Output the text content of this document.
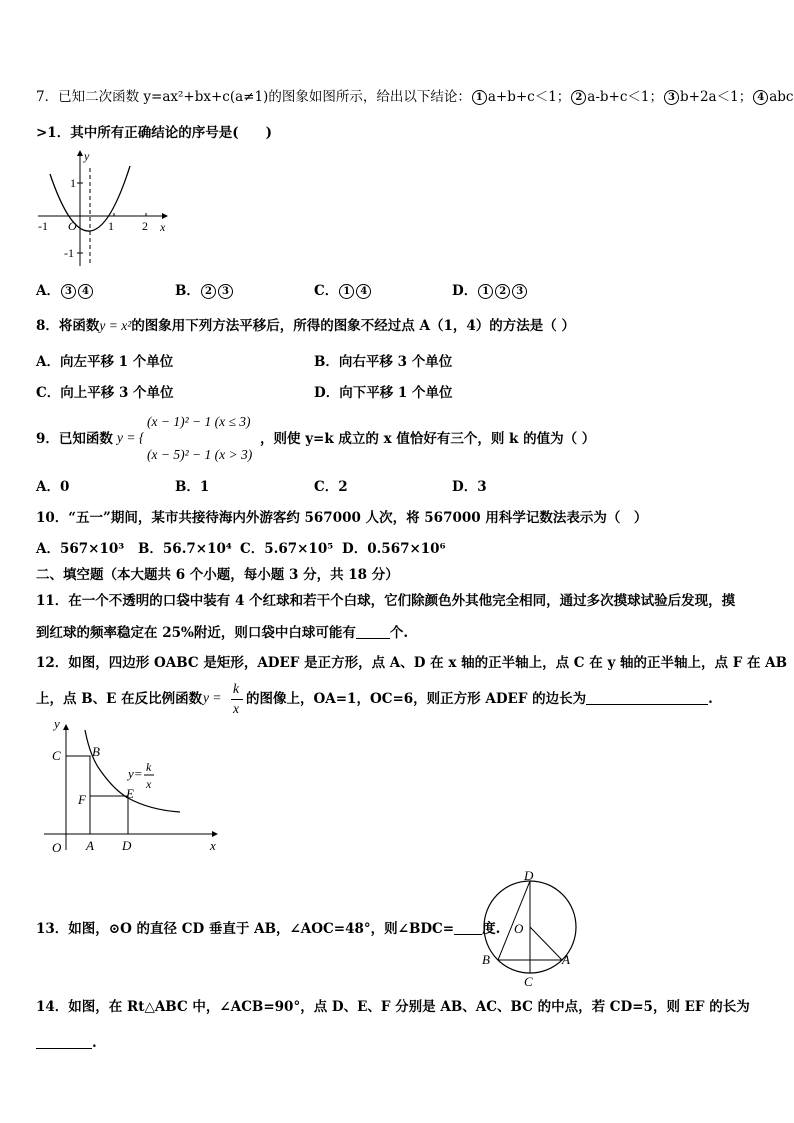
7．已知二次函数 y=ax²+bx+c(a≠1)的图象如图所示，给出以下结论： 1 a+b+c＜1； 2 a-b+c＜1； 3 b+2a＜1； 4 abc
>1．其中所有正确结论的序号是(　　)
y
x
1
-1
O	1 2
-1
A． 3 4	B． 2 3	C． 1 4	D． 1 2 3
8．将函数y = x²的图象用下列方法平移后，所得的图象不经过点 A（1，4）的方法是（ ）
A．向左平移 1 个单位	B．向右平移 3 个单位
C．向上平移 3 个单位	D．向下平移 1 个单位
9．已知函数 y = {
(x − 1)² − 1 (x ≤ 3)
(x − 5)² − 1 (x > 3)
，则使 y=k 成立的 x 值恰好有三个，则 k 的值为（ ）
A．0	B．1	C．2	D．3
10．“五一”期间，某市共接待海内外游客约 567000 人次，将 567000 用科学记数法表示为（　）
A．567×10³ B．56.7×10⁴ C．5.67×10⁵ D．0.567×10⁶
二、填空题（本大题共 6 个小题，每小题 3 分，共 18 分）
11．在一个不透明的口袋中装有 4 个红球和若干个白球，它们除颜色外其他完全相同，通过多次摸球试验后发现，摸
到红球的频率稳定在 25%附近，则口袋中白球可能有	个.
12．如图，四边形 OABC 是矩形，ADEF 是正方形，点 A、D 在 x 轴的正半轴上，点 C 在 y 轴的正半轴上，点 F 在 AB
上，点 B、E 在反比例函数 y =
k
x
的图像上，OA=1，OC=6，则正方形 ADEF 的边长为	.
y
x
C B
F	E
O A D
y= k
x
13．如图，⊙O 的直径 CD 垂直于 AB，∠AOC=48°，则∠BDC= 度.
D
O
B	A
C
14．如图，在 Rt△ABC 中，∠ACB=90°，点 D、E、F 分别是 AB、AC、BC 的中点，若 CD=5，则 EF 的长为
.
